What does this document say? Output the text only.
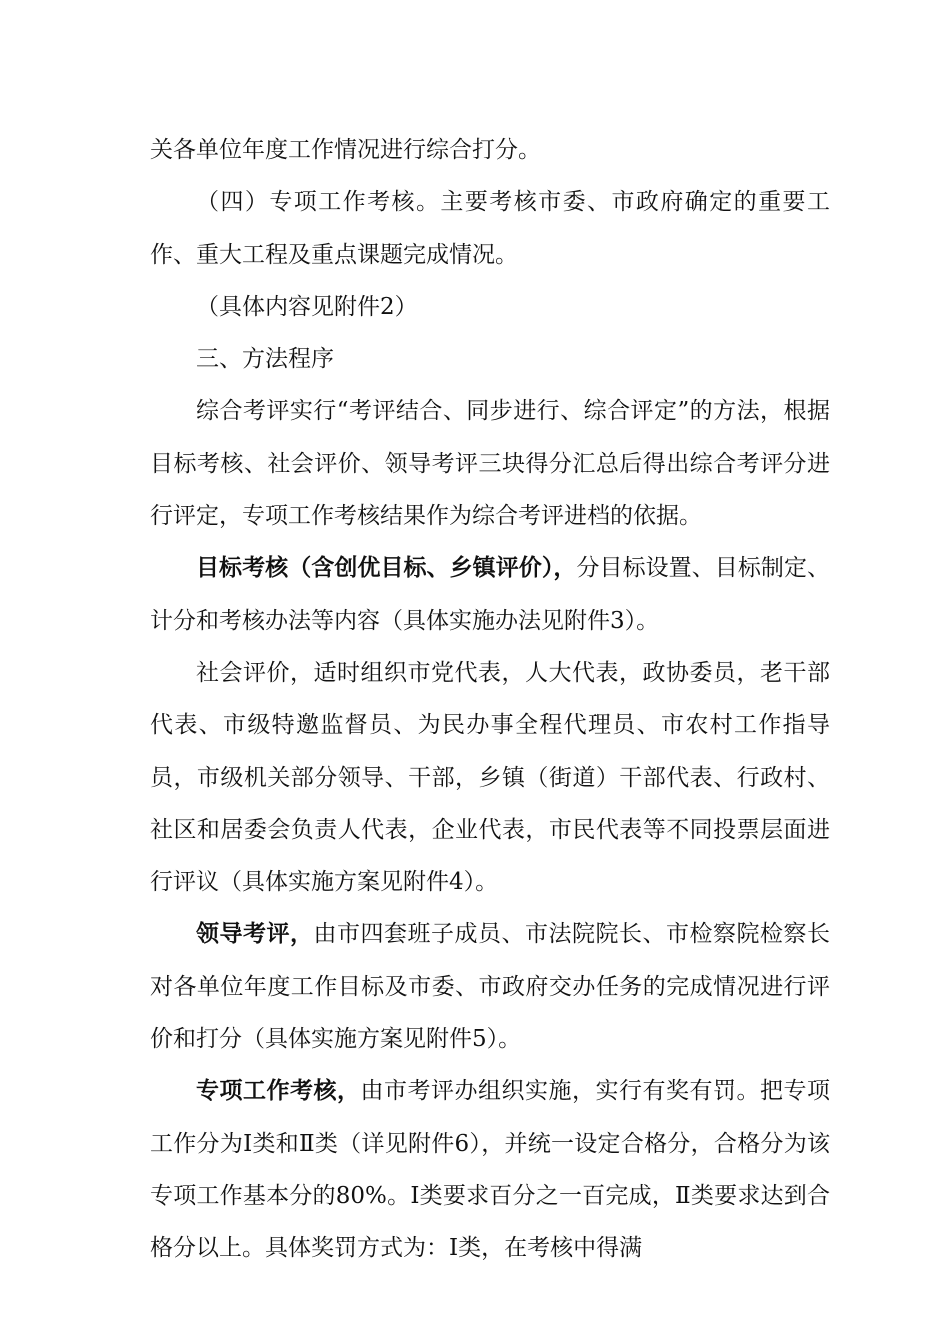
关各单位年度工作情况进行综合打分。

（四）专项工作考核。主要考核市委、市政府确定的重要工作、重大工程及重点课题完成情况。

（具体内容见附件2）

三、方法程序

综合考评实行“考评结合、同步进行、综合评定”的方法，根据目标考核、社会评价、领导考评三块得分汇总后得出综合考评分进行评定，专项工作考核结果作为综合考评进档的依据。

目标考核（含创优目标、乡镇评价），分目标设置、目标制定、计分和考核办法等内容（具体实施办法见附件3）。

社会评价，适时组织市党代表，人大代表，政协委员，老干部代表、市级特邀监督员、为民办事全程代理员、市农村工作指导员，市级机关部分领导、干部，乡镇（街道）干部代表、行政村、社区和居委会负责人代表，企业代表，市民代表等不同投票层面进行评议（具体实施方案见附件4）。

领导考评，由市四套班子成员、市法院院长、市检察院检察长对各单位年度工作目标及市委、市政府交办任务的完成情况进行评价和打分（具体实施方案见附件5）。

专项工作考核，由市考评办组织实施，实行有奖有罚。把专项工作分为Ⅰ类和Ⅱ类（详见附件6），并统一设定合格分，合格分为该专项工作基本分的80%。Ⅰ类要求百分之一百完成，Ⅱ类要求达到合格分以上。具体奖罚方式为：Ⅰ类，在考核中得满
